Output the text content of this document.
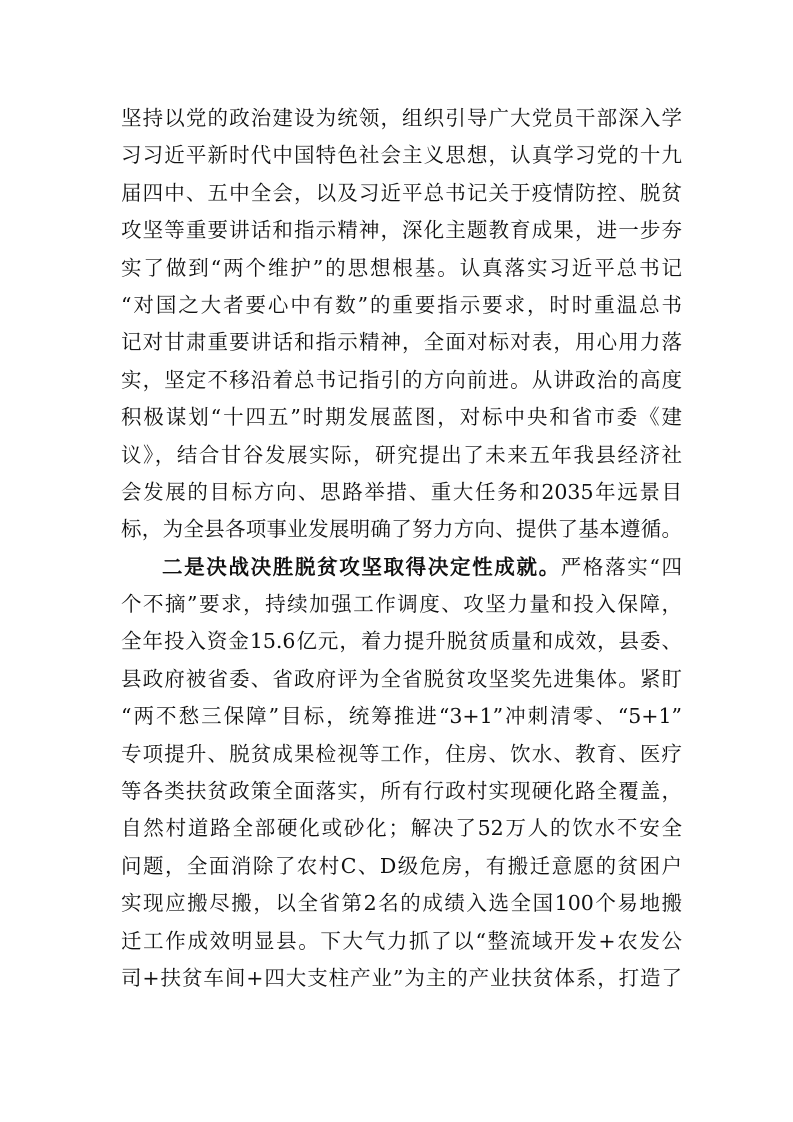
坚持以党的政治建设为统领，组织引导广大党员干部深入学
习习近平新时代中国特色社会主义思想，认真学习党的十九
届四中、五中全会，以及习近平总书记关于疫情防控、脱贫
攻坚等重要讲话和指示精神，深化主题教育成果，进一步夯
实了做到“两个维护”的思想根基。认真落实习近平总书记
“对国之大者要心中有数”的重要指示要求，时时重温总书
记对甘肃重要讲话和指示精神，全面对标对表，用心用力落
实，坚定不移沿着总书记指引的方向前进。从讲政治的高度
积极谋划“十四五”时期发展蓝图，对标中央和省市委《建
议》，结合甘谷发展实际，研究提出了未来五年我县经济社
会发展的目标方向、思路举措、重大任务和2035年远景目
标，为全县各项事业发展明确了努力方向、提供了基本遵循。
二是决战决胜脱贫攻坚取得决定性成就。严格落实“四
个不摘”要求，持续加强工作调度、攻坚力量和投入保障，
全年投入资金15.6亿元，着力提升脱贫质量和成效，县委、
县政府被省委、省政府评为全省脱贫攻坚奖先进集体。紧盯
“两不愁三保障”目标，统筹推进“3+1”冲刺清零、“5+1”
专项提升、脱贫成果检视等工作，住房、饮水、教育、医疗
等各类扶贫政策全面落实，所有行政村实现硬化路全覆盖，
自然村道路全部硬化或砂化；解决了52万人的饮水不安全
问题，全面消除了农村C、D级危房，有搬迁意愿的贫困户
实现应搬尽搬，以全省第2名的成绩入选全国100个易地搬
迁工作成效明显县。下大气力抓了以“整流域开发+农发公
司+扶贫车间+四大支柱产业”为主的产业扶贫体系，打造了
